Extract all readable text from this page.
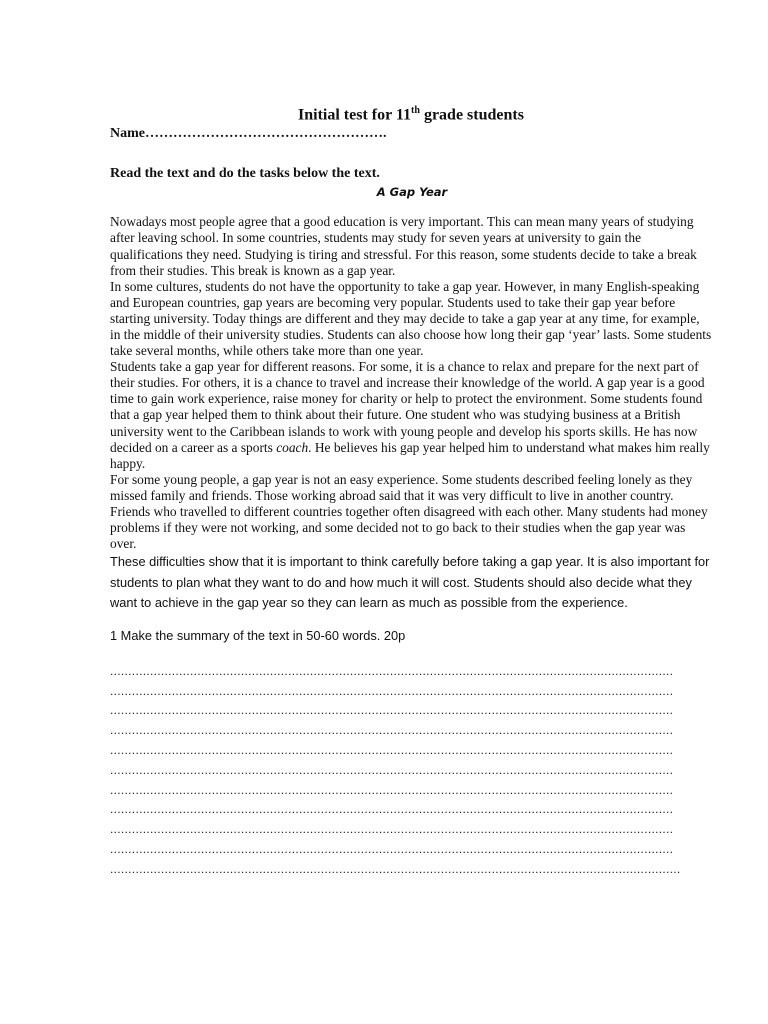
Initial test for 11th grade students

Name…………………………………………….

Read the text and do the tasks below the text.

A Gap Year

Nowadays most people agree that a good education is very important. This can mean many years of studying after leaving school. In some countries, students may study for seven years at university to gain the qualifications they need. Studying is tiring and stressful. For this reason, some students decide to take a break from their studies. This break is known as a gap year.

In some cultures, students do not have the opportunity to take a gap year. However, in many English-speaking and European countries, gap years are becoming very popular. Students used to take their gap year before starting university. Today things are different and they may decide to take a gap year at any time, for example, in the middle of their university studies. Students can also choose how long their gap ‘year’ lasts. Some students take several months, while others take more than one year.

Students take a gap year for different reasons. For some, it is a chance to relax and prepare for the next part of their studies. For others, it is a chance to travel and increase their knowledge of the world. A gap year is a good time to gain work experience, raise money for charity or help to protect the environment. Some students found that a gap year helped them to think about their future. One student who was studying business at a British university went to the Caribbean islands to work with young people and develop his sports skills. He has now decided on a career as a sports coach. He believes his gap year helped him to understand what makes him really happy.

For some young people, a gap year is not an easy experience. Some students described feeling lonely as they missed family and friends. Those working abroad said that it was very difficult to live in another country. Friends who travelled to different countries together often disagreed with each other. Many students had money problems if they were not working, and some decided not to go back to their studies when the gap year was over.

These difficulties show that it is important to think carefully before taking a gap year. It is also important for students to plan what they want to do and how much it will cost. Students should also decide what they want to achieve in the gap year so they can learn as much as possible from the experience.

1 Make the summary of the text in 50-60 words. 20p

...........................................................................................................................................................
...........................................................................................................................................................
...........................................................................................................................................................
...........................................................................................................................................................
...........................................................................................................................................................
...........................................................................................................................................................
...........................................................................................................................................................
...........................................................................................................................................................
...........................................................................................................................................................
...........................................................................................................................................................
.............................................................................................................................................................
